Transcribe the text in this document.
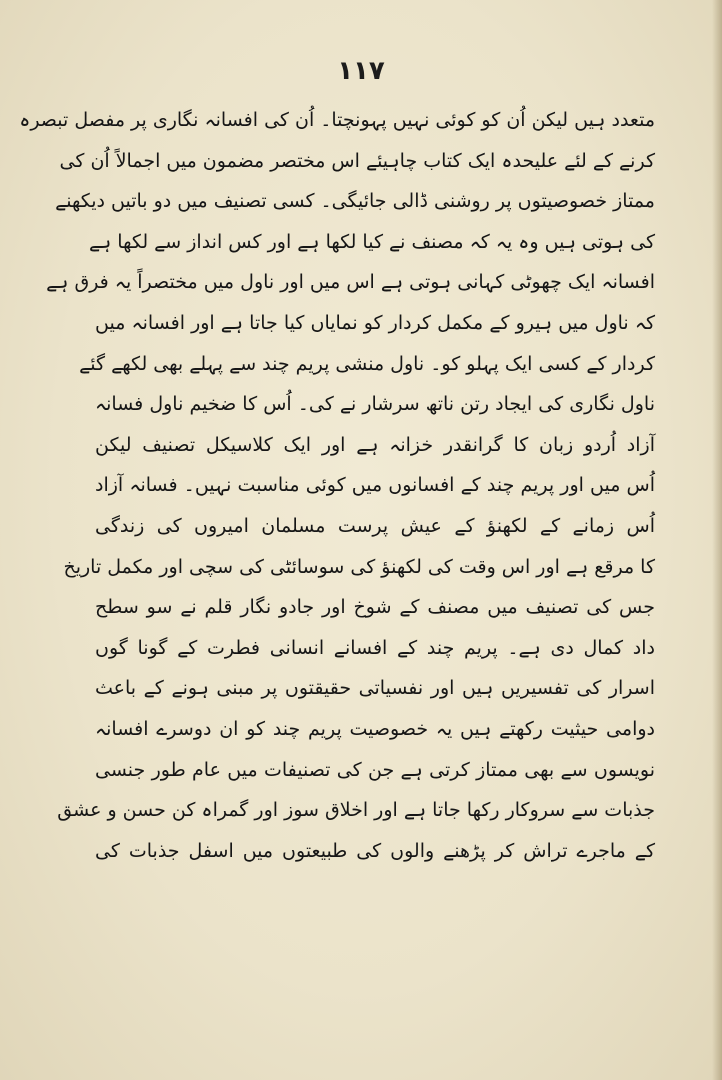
۱۱۷
متعدد ہیں لیکن اُن کو کوئی نہیں پہونچتا۔ اُن کی افسانہ نگاری پر مفصل تبصرہ
کرنے کے لئے علیحدہ ایک کتاب چاہیئے اس مختصر مضمون میں اجمالاً اُن کی
ممتاز خصوصیتوں پر روشنی ڈالی جائیگی۔ کسی تصنیف میں دو باتیں دیکھنے
کی ہوتی ہیں وہ یہ کہ مصنف نے کیا لکھا ہے اور کس انداز سے لکھا ہے
افسانہ ایک چھوٹی کہانی ہوتی ہے اس میں اور ناول میں مختصراً یہ فرق ہے
کہ ناول میں ہیرو کے مکمل کردار کو نمایاں کیا جاتا ہے اور افسانہ میں
کردار کے کسی ایک پہلو کو۔ ناول منشی پریم چند سے پہلے بھی لکھے گئے
ناول نگاری کی ایجاد رتن ناتھ سرشار نے کی۔ اُس کا ضخیم ناول فسانہ
آزاد اُردو زبان کا گرانقدر خزانہ ہے اور ایک کلاسیکل تصنیف لیکن
اُس میں اور پریم چند کے افسانوں میں کوئی مناسبت نہیں۔ فسانہ آزاد
اُس زمانے کے لکھنؤ کے عیش پرست مسلمان امیروں کی زندگی
کا مرقع ہے اور اس وقت کی لکھنؤ کی سوسائٹی کی سچی اور مکمل تاریخ
جس کی تصنیف میں مصنف کے شوخ اور جادو نگار قلم نے سو سطح
داد کمال دی ہے۔ پریم چند کے افسانے انسانی فطرت کے گونا گوں
اسرار کی تفسیریں ہیں اور نفسیاتی حقیقتوں پر مبنی ہونے کے باعث
دوامی حیثیت رکھتے ہیں یہ خصوصیت پریم چند کو ان دوسرے افسانہ
نویسوں سے بھی ممتاز کرتی ہے جن کی تصنیفات میں عام طور جنسی
جذبات سے سروکار رکھا جاتا ہے اور اخلاق سوز اور گمراہ کن حسن و عشق
کے ماجرے تراش کر پڑھنے والوں کی طبیعتوں میں اسفل جذبات کی
